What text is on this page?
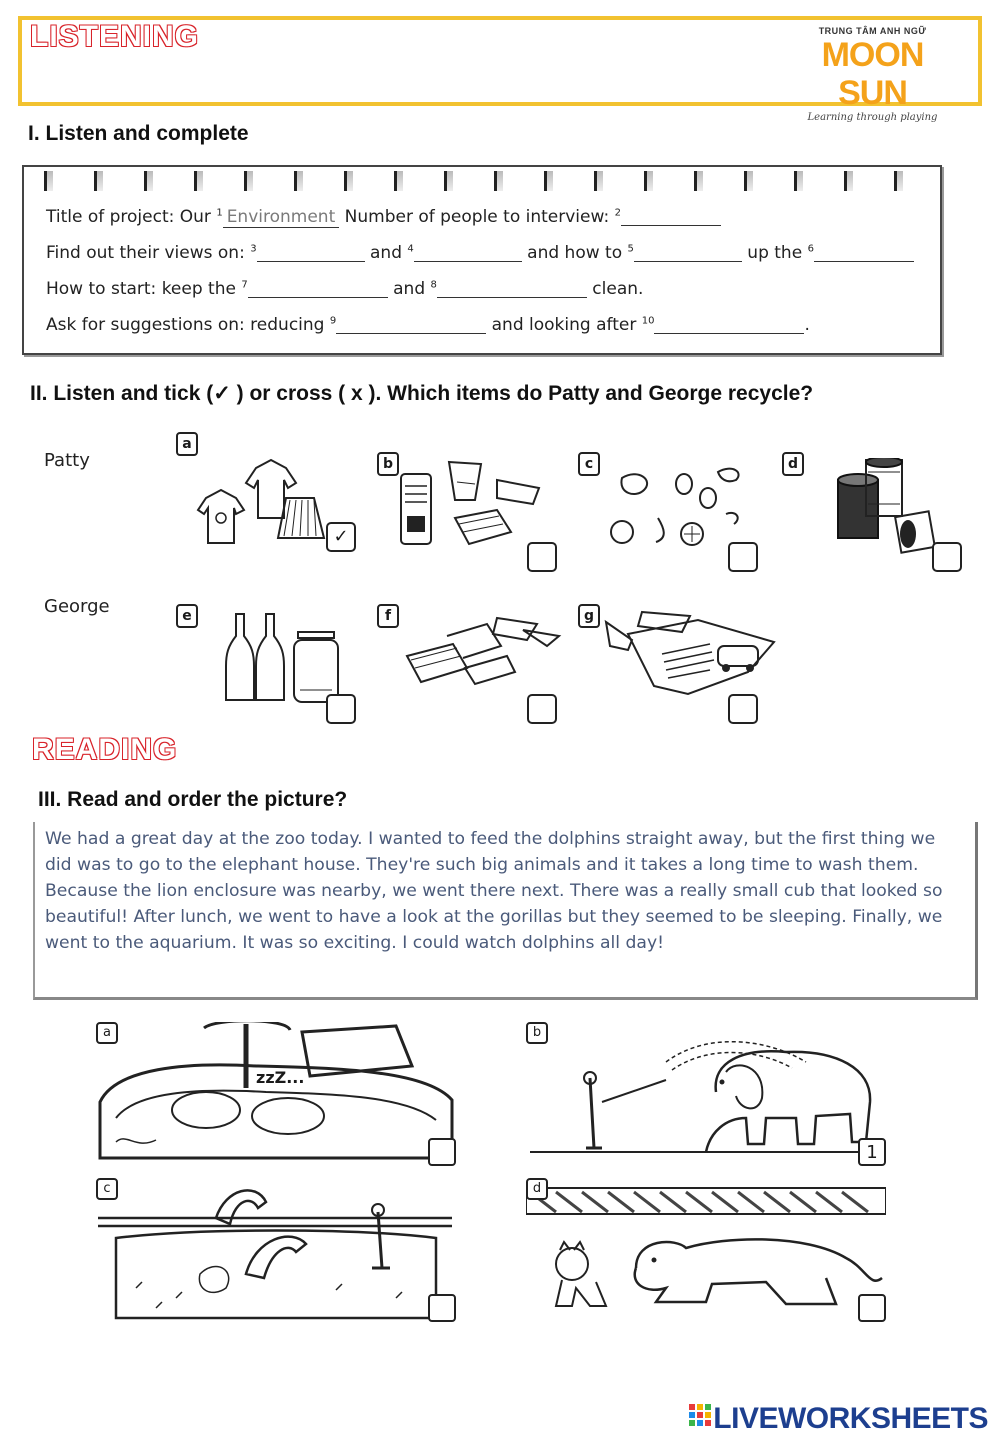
LISTENING	TRUNG TÂM ANH NGỮ
MOON SUN
Learning through playing
I. Listen and complete
Title of project: Our $^1$ Environment Number of people to interview: $^2$
Find out their views on: $^3$	and $^4$	and how to $^5$	up the $^6$
How to start: keep the $^7$	and $^8$	clean.
Ask for suggestions on: reducing $^9$	and looking after $^{10}$	.
II. Listen and tick (✓ ) or cross ( x ). Which items do Patty and George recycle?
Patty
George
a
✓
b	c	d
e	f	g
READING
III. Read and order the picture?
We had a great day at the zoo today. I wanted to feed the dolphins straight away, but the first thing we did was to go to the elephant house. They're such big animals and it takes a long time to wash them. Because the lion enclosure was nearby, we went there next. There was a really small cub that looked so beautiful! After lunch, we went to have a look at the gorillas but they seemed to be sleeping. Finally, we went to the aquarium. It was so exciting. I could watch dolphins all day!
zzZ...
a	b
1
c	d
LIVEWORKSHEETS
